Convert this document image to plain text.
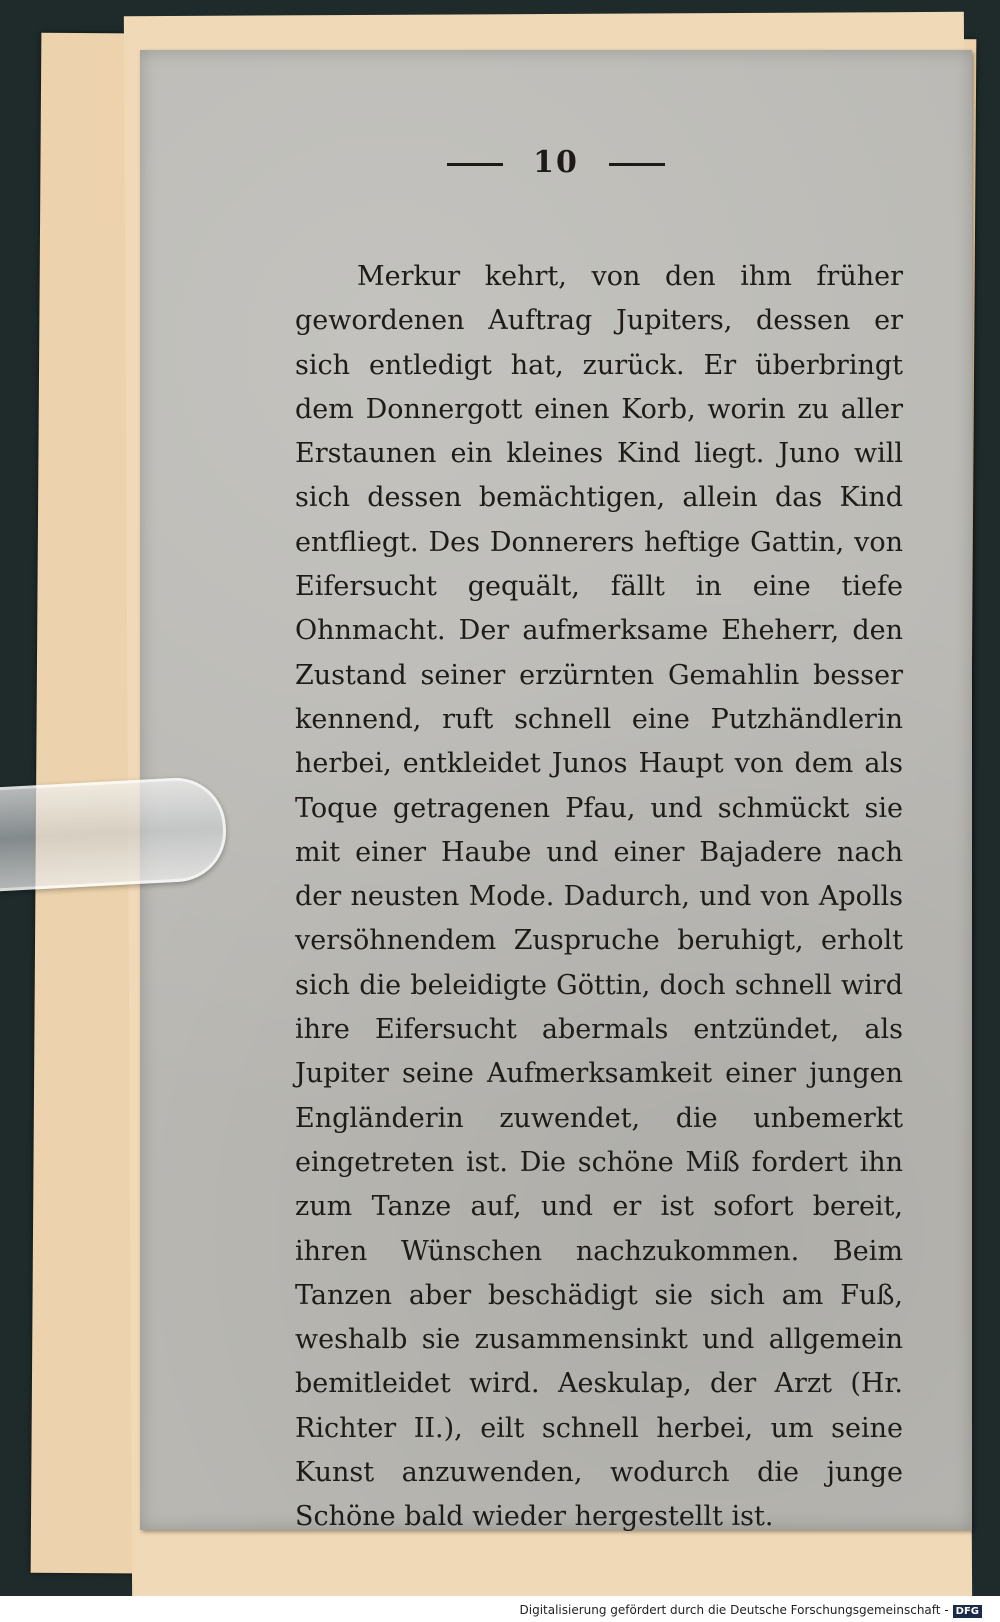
10
Merkur kehrt, von den ihm früher gewordenen Auftrag Jupiters, dessen er sich entledigt hat, zurück. Er überbringt dem Donnergott einen Korb, worin zu aller Erstaunen ein kleines Kind liegt. Juno will sich dessen bemächtigen, allein das Kind entfliegt. Des Donnerers heftige Gattin, von Eifersucht gequält, fällt in eine tiefe Ohnmacht. Der aufmerksame Eheherr, den Zustand seiner erzürnten Gemahlin besser kennend, ruft schnell eine Putzhändlerin herbei, entkleidet Junos Haupt von dem als Toque getragenen Pfau, und schmückt sie mit einer Haube und einer Bajadere nach der neusten Mode. Dadurch, und von Apolls versöhnendem Zuspruche beruhigt, erholt sich die beleidigte Göttin, doch schnell wird ihre Eifersucht abermals entzündet, als Jupiter seine Aufmerksamkeit einer jungen Engländerin zuwendet, die unbemerkt eingetreten ist. Die schöne Miß fordert ihn zum Tanze auf, und er ist sofort bereit, ihren Wünschen nachzukommen. Beim Tanzen aber beschädigt sie sich am Fuß, weshalb sie zusammensinkt und allgemein bemitleidet wird. Aeskulap, der Arzt (Hr. Richter II.), eilt schnell herbei, um seine Kunst anzuwenden, wodurch die junge Schöne bald wieder hergestellt ist.
Digitalisierung gefördert durch die Deutsche Forschungsgemeinschaft - DFG
